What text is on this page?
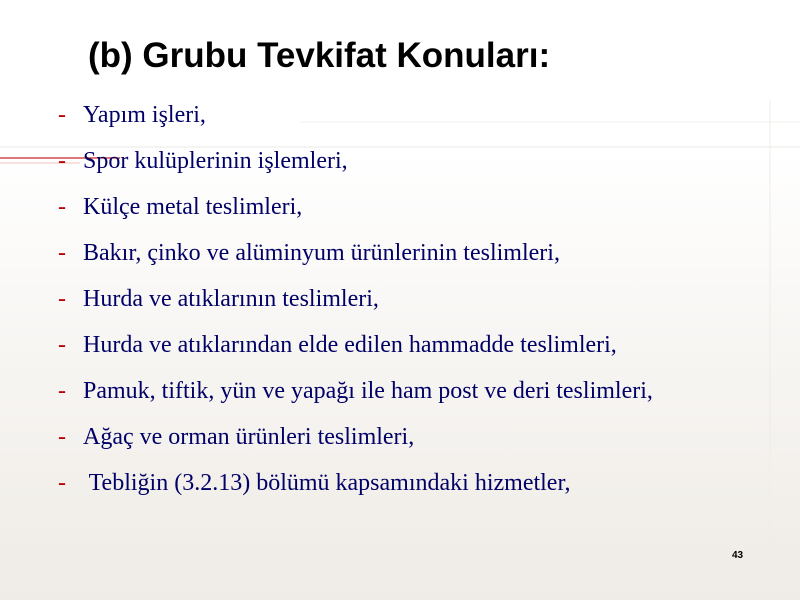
(b) Grubu Tevkifat Konuları:
- Yapım işleri,
- Spor kulüplerinin işlemleri,
- Külçe metal teslimleri,
- Bakır, çinko ve alüminyum ürünlerinin teslimleri,
- Hurda ve atıklarının teslimleri,
- Hurda ve atıklarından elde edilen hammadde teslimleri,
- Pamuk, tiftik, yün ve yapağı ile ham post ve deri teslimleri,
- Ağaç ve orman ürünleri teslimleri,
- Tebliğin (3.2.13) bölümü kapsamındaki hizmetler,
43
